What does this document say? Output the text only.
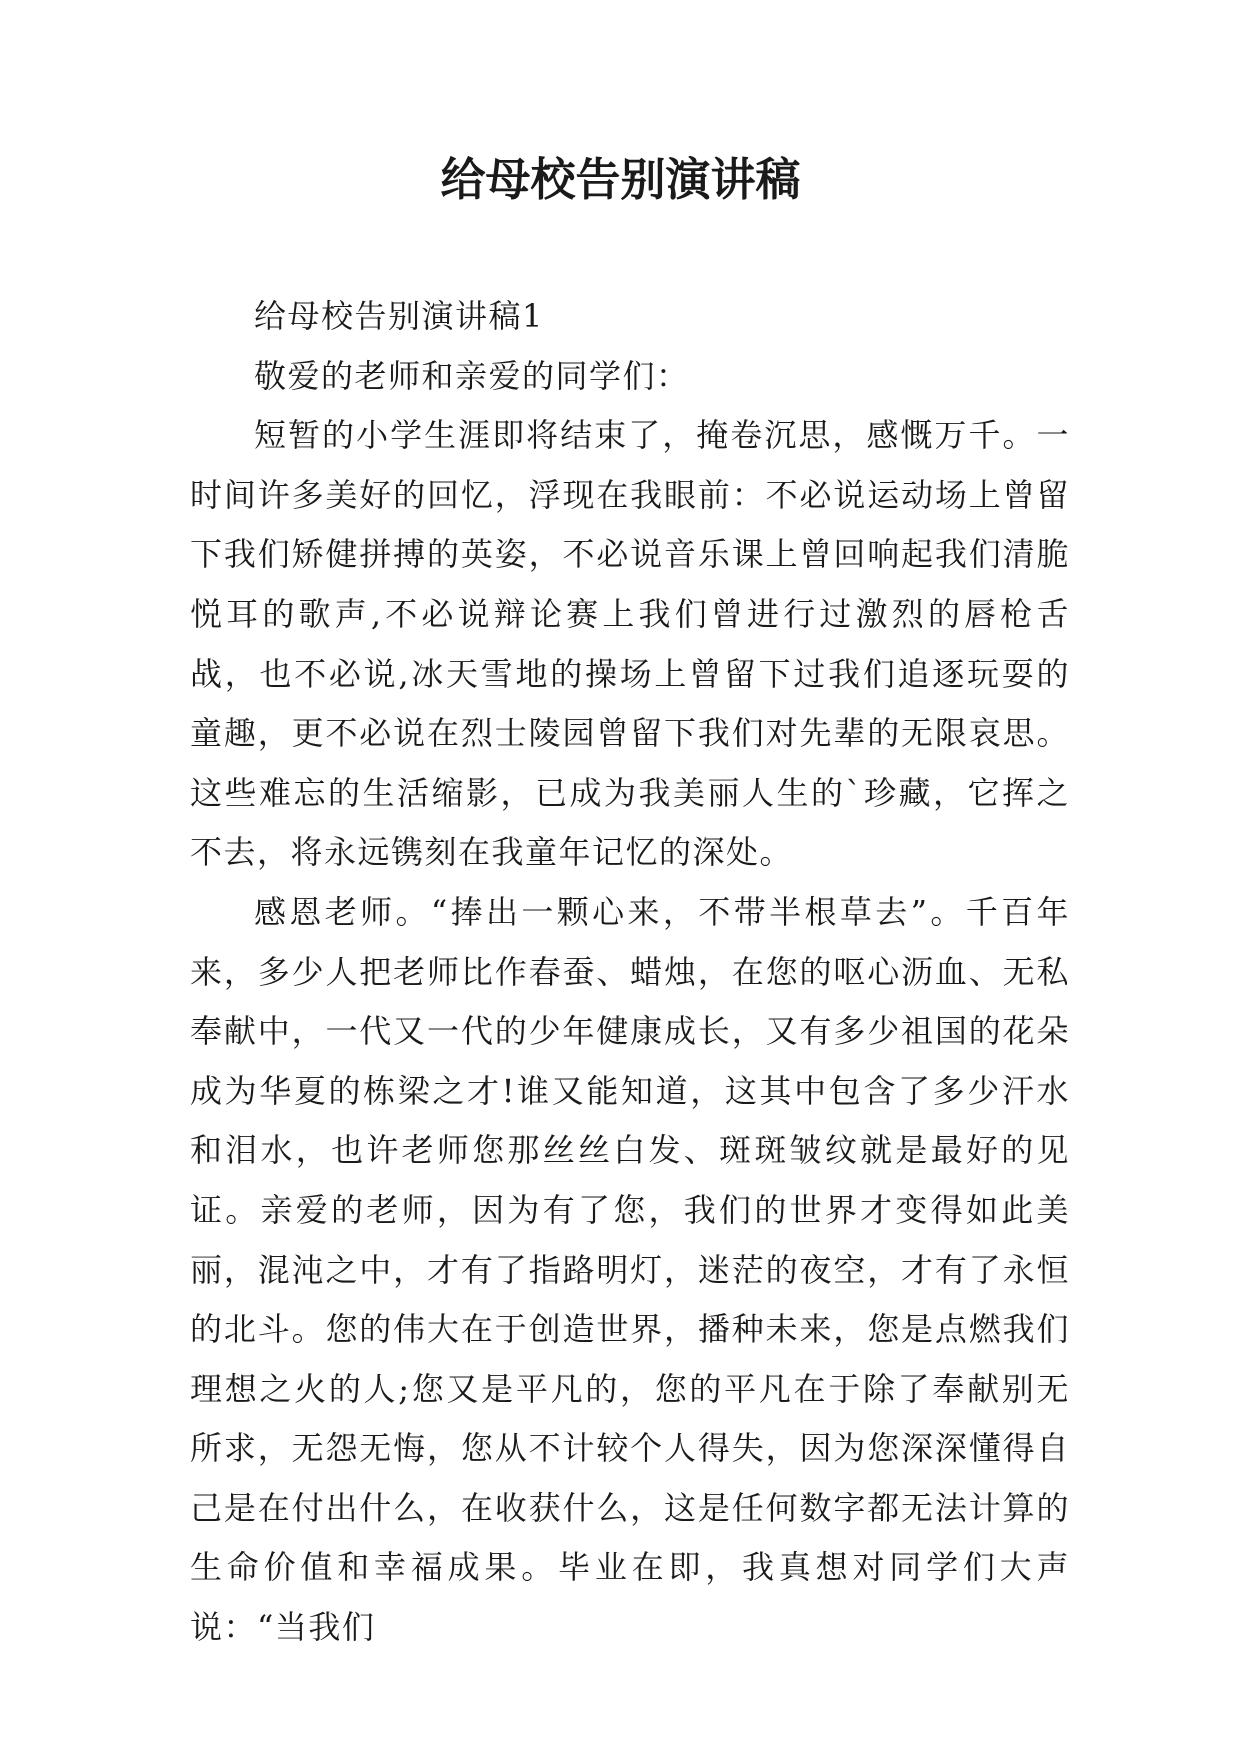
给母校告别演讲稿

给母校告别演讲稿1

敬爱的老师和亲爱的同学们：

短暂的小学生涯即将结束了，掩卷沉思，感慨万千。一时间许多美好的回忆，浮现在我眼前：不必说运动场上曾留下我们矫健拼搏的英姿，不必说音乐课上曾回响起我们清脆悦耳的歌声,不必说辩论赛上我们曾进行过激烈的唇枪舌战，也不必说,冰天雪地的操场上曾留下过我们追逐玩耍的童趣，更不必说在烈士陵园曾留下我们对先辈的无限哀思。这些难忘的生活缩影，已成为我美丽人生的`珍藏，它挥之不去，将永远镌刻在我童年记忆的深处。

感恩老师。“捧出一颗心来，不带半根草去”。千百年来，多少人把老师比作春蚕、蜡烛，在您的呕心沥血、无私奉献中，一代又一代的少年健康成长，又有多少祖国的花朵成为华夏的栋梁之才!谁又能知道，这其中包含了多少汗水和泪水，也许老师您那丝丝白发、斑斑皱纹就是最好的见证。亲爱的老师，因为有了您，我们的世界才变得如此美丽，混沌之中，才有了指路明灯，迷茫的夜空，才有了永恒的北斗。您的伟大在于创造世界，播种未来，您是点燃我们理想之火的人;您又是平凡的，您的平凡在于除了奉献别无所求，无怨无悔，您从不计较个人得失，因为您深深懂得自己是在付出什么，在收获什么，这是任何数字都无法计算的生命价值和幸福成果。毕业在即，我真想对同学们大声说：“当我们
